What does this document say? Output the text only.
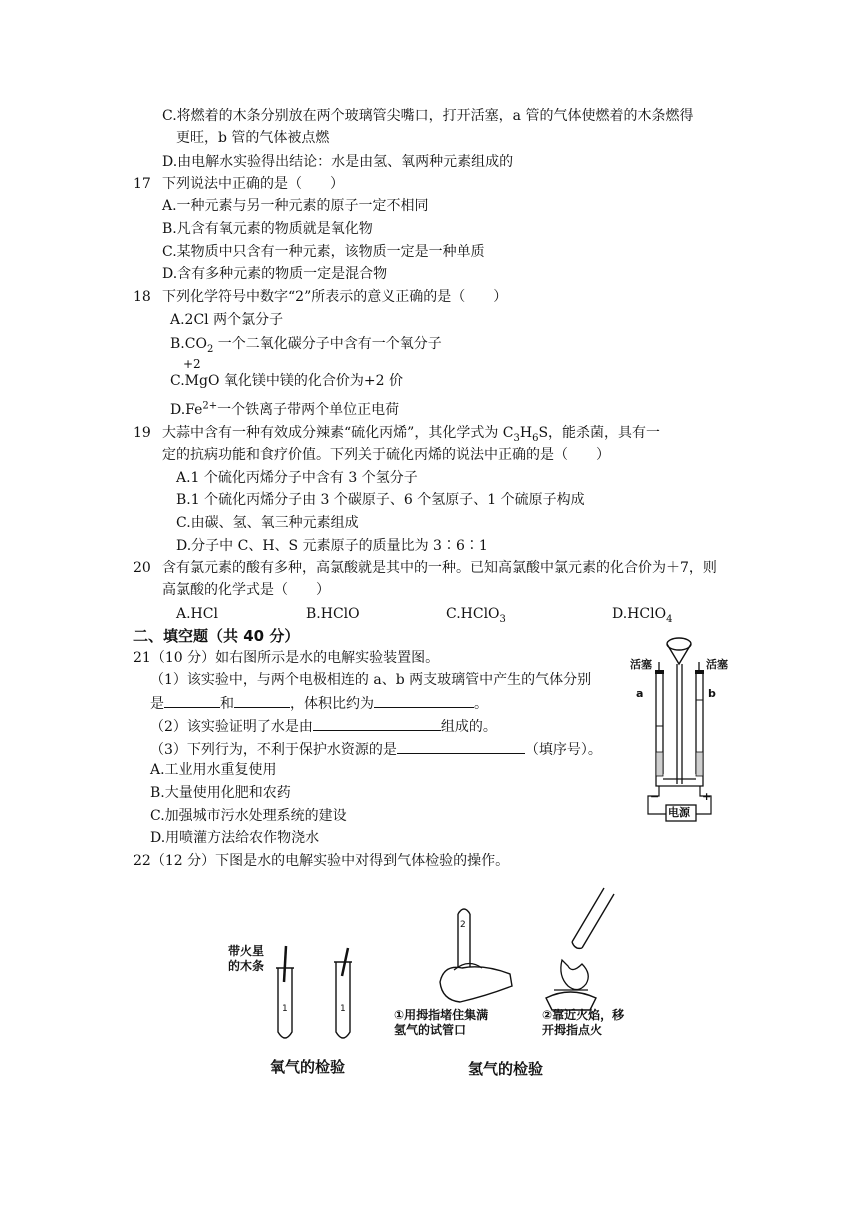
C.将燃着的木条分别放在两个玻璃管尖嘴口，打开活塞，a 管的气体使燃着的木条燃得
更旺，b 管的气体被点燃
D.由电解水实验得出结论：水是由氢、氧两种元素组成的
17 下列说法中正确的是（　　）
A.一种元素与另一种元素的原子一定不相同
B.凡含有氧元素的物质就是氧化物
C.某物质中只含有一种元素，该物质一定是一种单质
D.含有多种元素的物质一定是混合物
18 下列化学符号中数字“2”所表示的意义正确的是（　　）
A.2Cl 两个氯分子
$B.CO_2$ 一个二氧化碳分子中含有一个氧分子
+2
C.MgO 氧化镁中镁的化合价为+2 价
$D.Fe^{2+}$一个铁离子带两个单位正电荷
19 大蒜中含有一种有效成分辣素“硫化丙烯”，其化学式为 $C_3H_6S$，能杀菌，具有一
定的抗病功能和食疗价值。下列关于硫化丙烯的说法中正确的是（　　）
A.1 个硫化丙烯分子中含有 3 个氢分子
B.1 个硫化丙烯分子由 3 个碳原子、6 个氢原子、1 个硫原子构成
C.由碳、氢、氧三种元素组成
D.分子中 C、H、S 元素原子的质量比为 3∶6∶1
20 含有氯元素的酸有多种，高氯酸就是其中的一种。已知高氯酸中氯元素的化合价为＋7，则
高氯酸的化学式是（　　）
A.HCl	B.HClO	C.HClO$_3$	D.HClO$_4$
二、填空题（共 40 分）
21（10 分）如右图所示是水的电解实验装置图。
（1）该实验中，与两个电极相连的 a、b 两支玻璃管中产生的气体分别
是	和	，体积比约为	。
（2）该实验证明了水是由	组成的。
（3）下列行为，不利于保护水资源的是	（填序号）。
A.工业用水重复使用
B.大量使用化肥和农药
C.加强城市污水处理系统的建设
D.用喷灌方法给农作物浇水
活塞	活塞
a	b
−	+
电源
22（12 分）下图是水的电解实验中对得到气体检验的操作。
带火星
的木条
1	1
2
①用拇指堵住集满
氢气的试管口
②靠近火焰，移
开拇指点火
氧气的检验	氢气的检验
